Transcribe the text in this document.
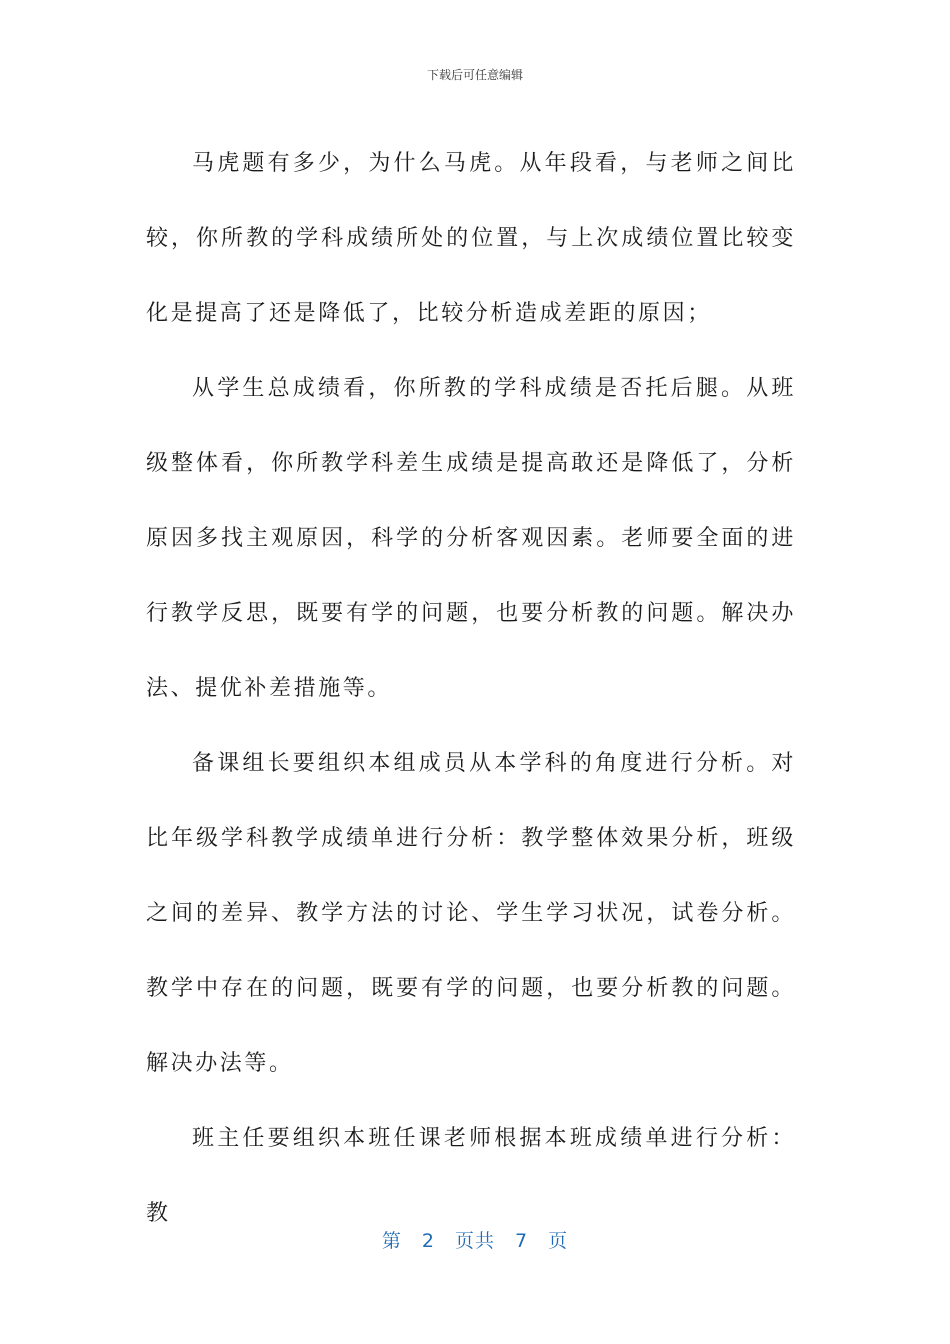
下载后可任意编辑

马虎题有多少，为什么马虎。从年段看，与老师之间比较，你所教的学科成绩所处的位置，与上次成绩位置比较变化是提高了还是降低了，比较分析造成差距的原因；

从学生总成绩看，你所教的学科成绩是否托后腿。从班级整体看，你所教学科差生成绩是提高敢还是降低了，分析原因多找主观原因，科学的分析客观因素。老师要全面的进行教学反思，既要有学的问题，也要分析教的问题。解决办法、提优补差措施等。

备课组长要组织本组成员从本学科的角度进行分析。对比年级学科教学成绩单进行分析：教学整体效果分析，班级之间的差异、教学方法的讨论、学生学习状况，试卷分析。教学中存在的问题，既要有学的问题，也要分析教的问题。解决办法等。

班主任要组织本班任课老师根据本班成绩单进行分析：教

第 2 页共 7 页
